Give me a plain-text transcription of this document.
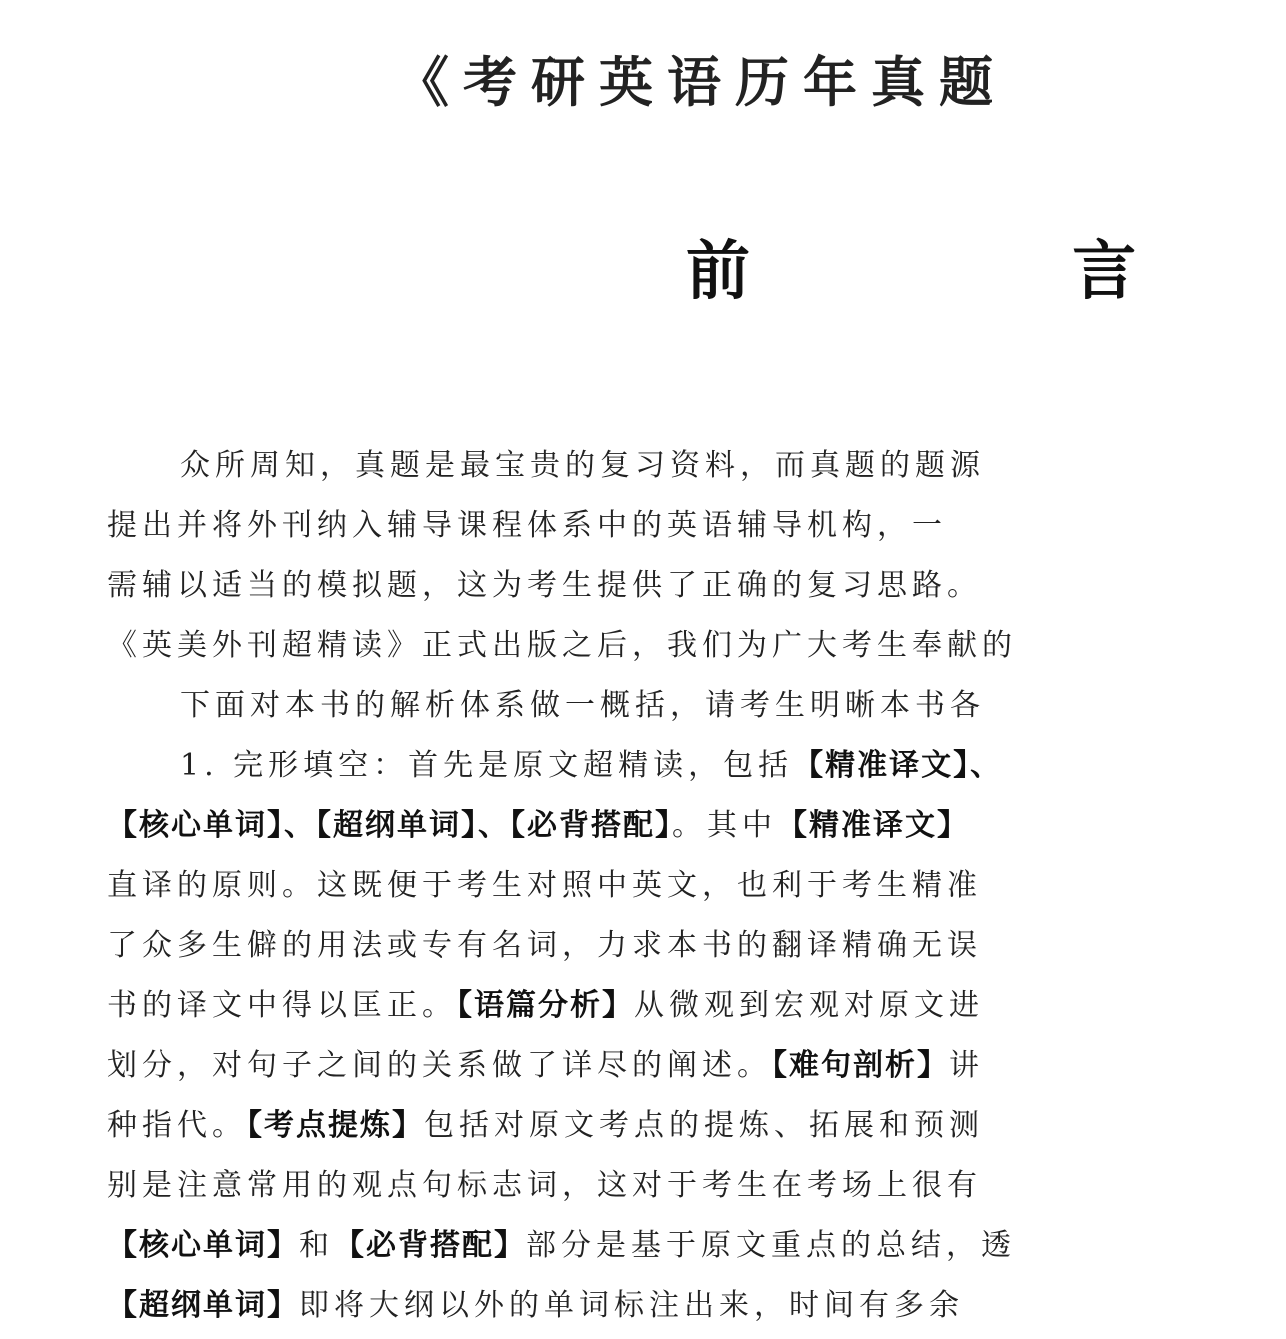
《考研英语历年真题
前 言
众所周知，真题是最宝贵的复习资料，而真题的题源
提出并将外刊纳入辅导课程体系中的英语辅导机构，一
需辅以适当的模拟题，这为考生提供了正确的复习思路。
《英美外刊超精读》正式出版之后，我们为广大考生奉献的
下面对本书的解析体系做一概括，请考生明晰本书各
1. 完形填空：首先是原文超精读，包括【精准译文】、
【核心单词】、【超纲单词】、【必背搭配】。其中【精准译文】
直译的原则。这既便于考生对照中英文，也利于考生精准
了众多生僻的用法或专有名词，力求本书的翻译精确无误
书的译文中得以匡正。【语篇分析】从微观到宏观对原文进
划分，对句子之间的关系做了详尽的阐述。【难句剖析】讲
种指代。【考点提炼】包括对原文考点的提炼、拓展和预测
别是注意常用的观点句标志词，这对于考生在考场上很有
【核心单词】和【必背搭配】部分是基于原文重点的总结，透
【超纲单词】即将大纲以外的单词标注出来，时间有多余
